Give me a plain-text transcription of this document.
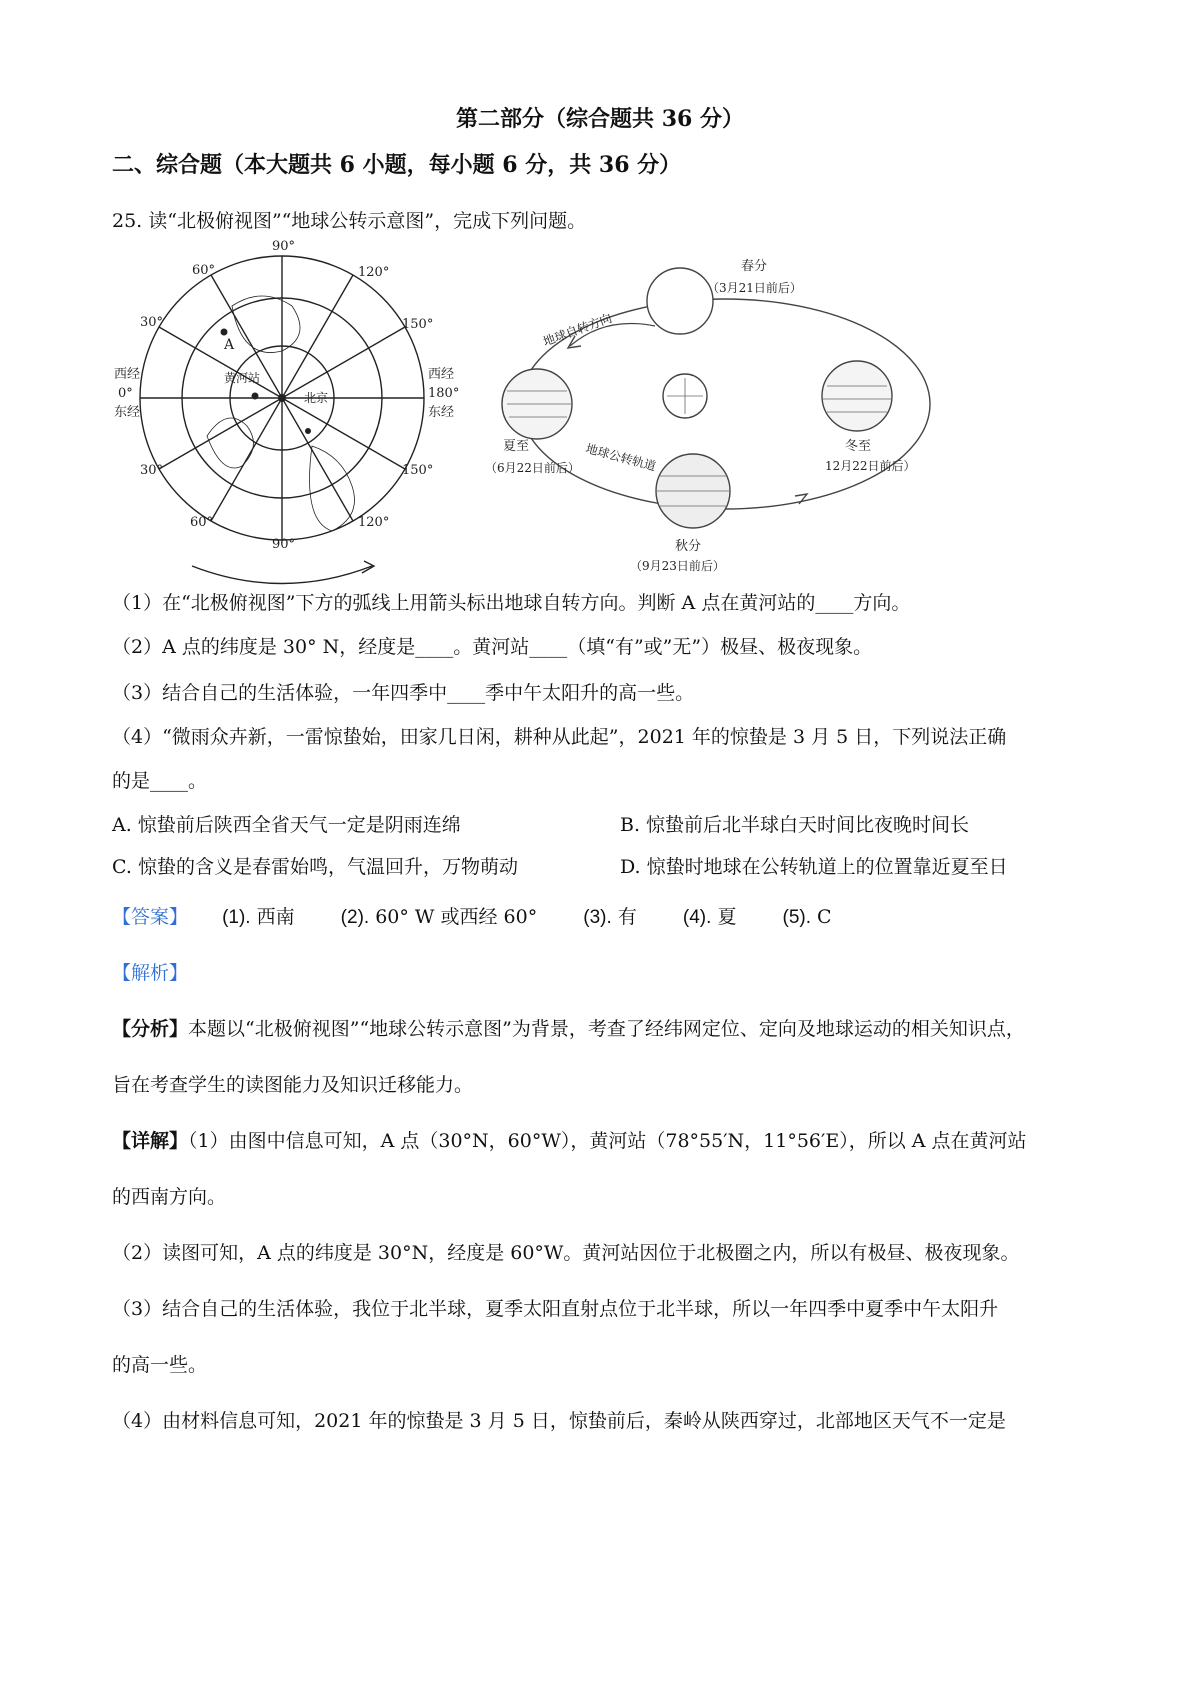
第二部分（综合题共 36 分）
二、综合题（本大题共 6 小题，每小题 6 分，共 36 分）
25. 读“北极俯视图”“地球公转示意图”，完成下列问题。
90°
60°	120°
30°	150°
西经
0°
东经
西经
180°
东经
30°	150°
60°	120°
90°
A
黄河站
北京
春分
（3月21日前后）
地球自转方向
夏至
（6月22日前后） 地球公转轨道	冬至
12月22日前后）
秋分
（9月23日前后）
（1）在“北极俯视图”下方的弧线上用箭头标出地球自转方向。判断 A 点在黄河站的____方向。
（2）A 点的纬度是 30° N，经度是____。黄河站____（填“有”或”无”）极昼、极夜现象。
（3）结合自己的生活体验，一年四季中____季中午太阳升的高一些。
（4）“微雨众卉新，一雷惊蛰始，田家几日闲，耕种从此起”，2021 年的惊蛰是 3 月 5 日，下列说法正确
的是____。
A. 惊蛰前后陕西全省天气一定是阴雨连绵	B. 惊蛰前后北半球白天时间比夜晚时间长
C. 惊蛰的含义是春雷始鸣，气温回升，万物萌动	D. 惊蛰时地球在公转轨道上的位置靠近夏至日
【答案】 (1). 西南 (2). 60° W 或西经 60° (3). 有 (4). 夏 (5). C
【解析】
【分析】本题以“北极俯视图”“地球公转示意图”为背景，考查了经纬网定位、定向及地球运动的相关知识点，
旨在考查学生的读图能力及知识迁移能力。
【详解】（1）由图中信息可知，A 点（30°N，60°W），黄河站（78°55′N，11°56′E），所以 A 点在黄河站
的西南方向。
（2）读图可知，A 点的纬度是 30°N，经度是 60°W。黄河站因位于北极圈之内，所以有极昼、极夜现象。
（3）结合自己的生活体验，我位于北半球，夏季太阳直射点位于北半球，所以一年四季中夏季中午太阳升
的高一些。
（4）由材料信息可知，2021 年的惊蛰是 3 月 5 日，惊蛰前后，秦岭从陕西穿过，北部地区天气不一定是
